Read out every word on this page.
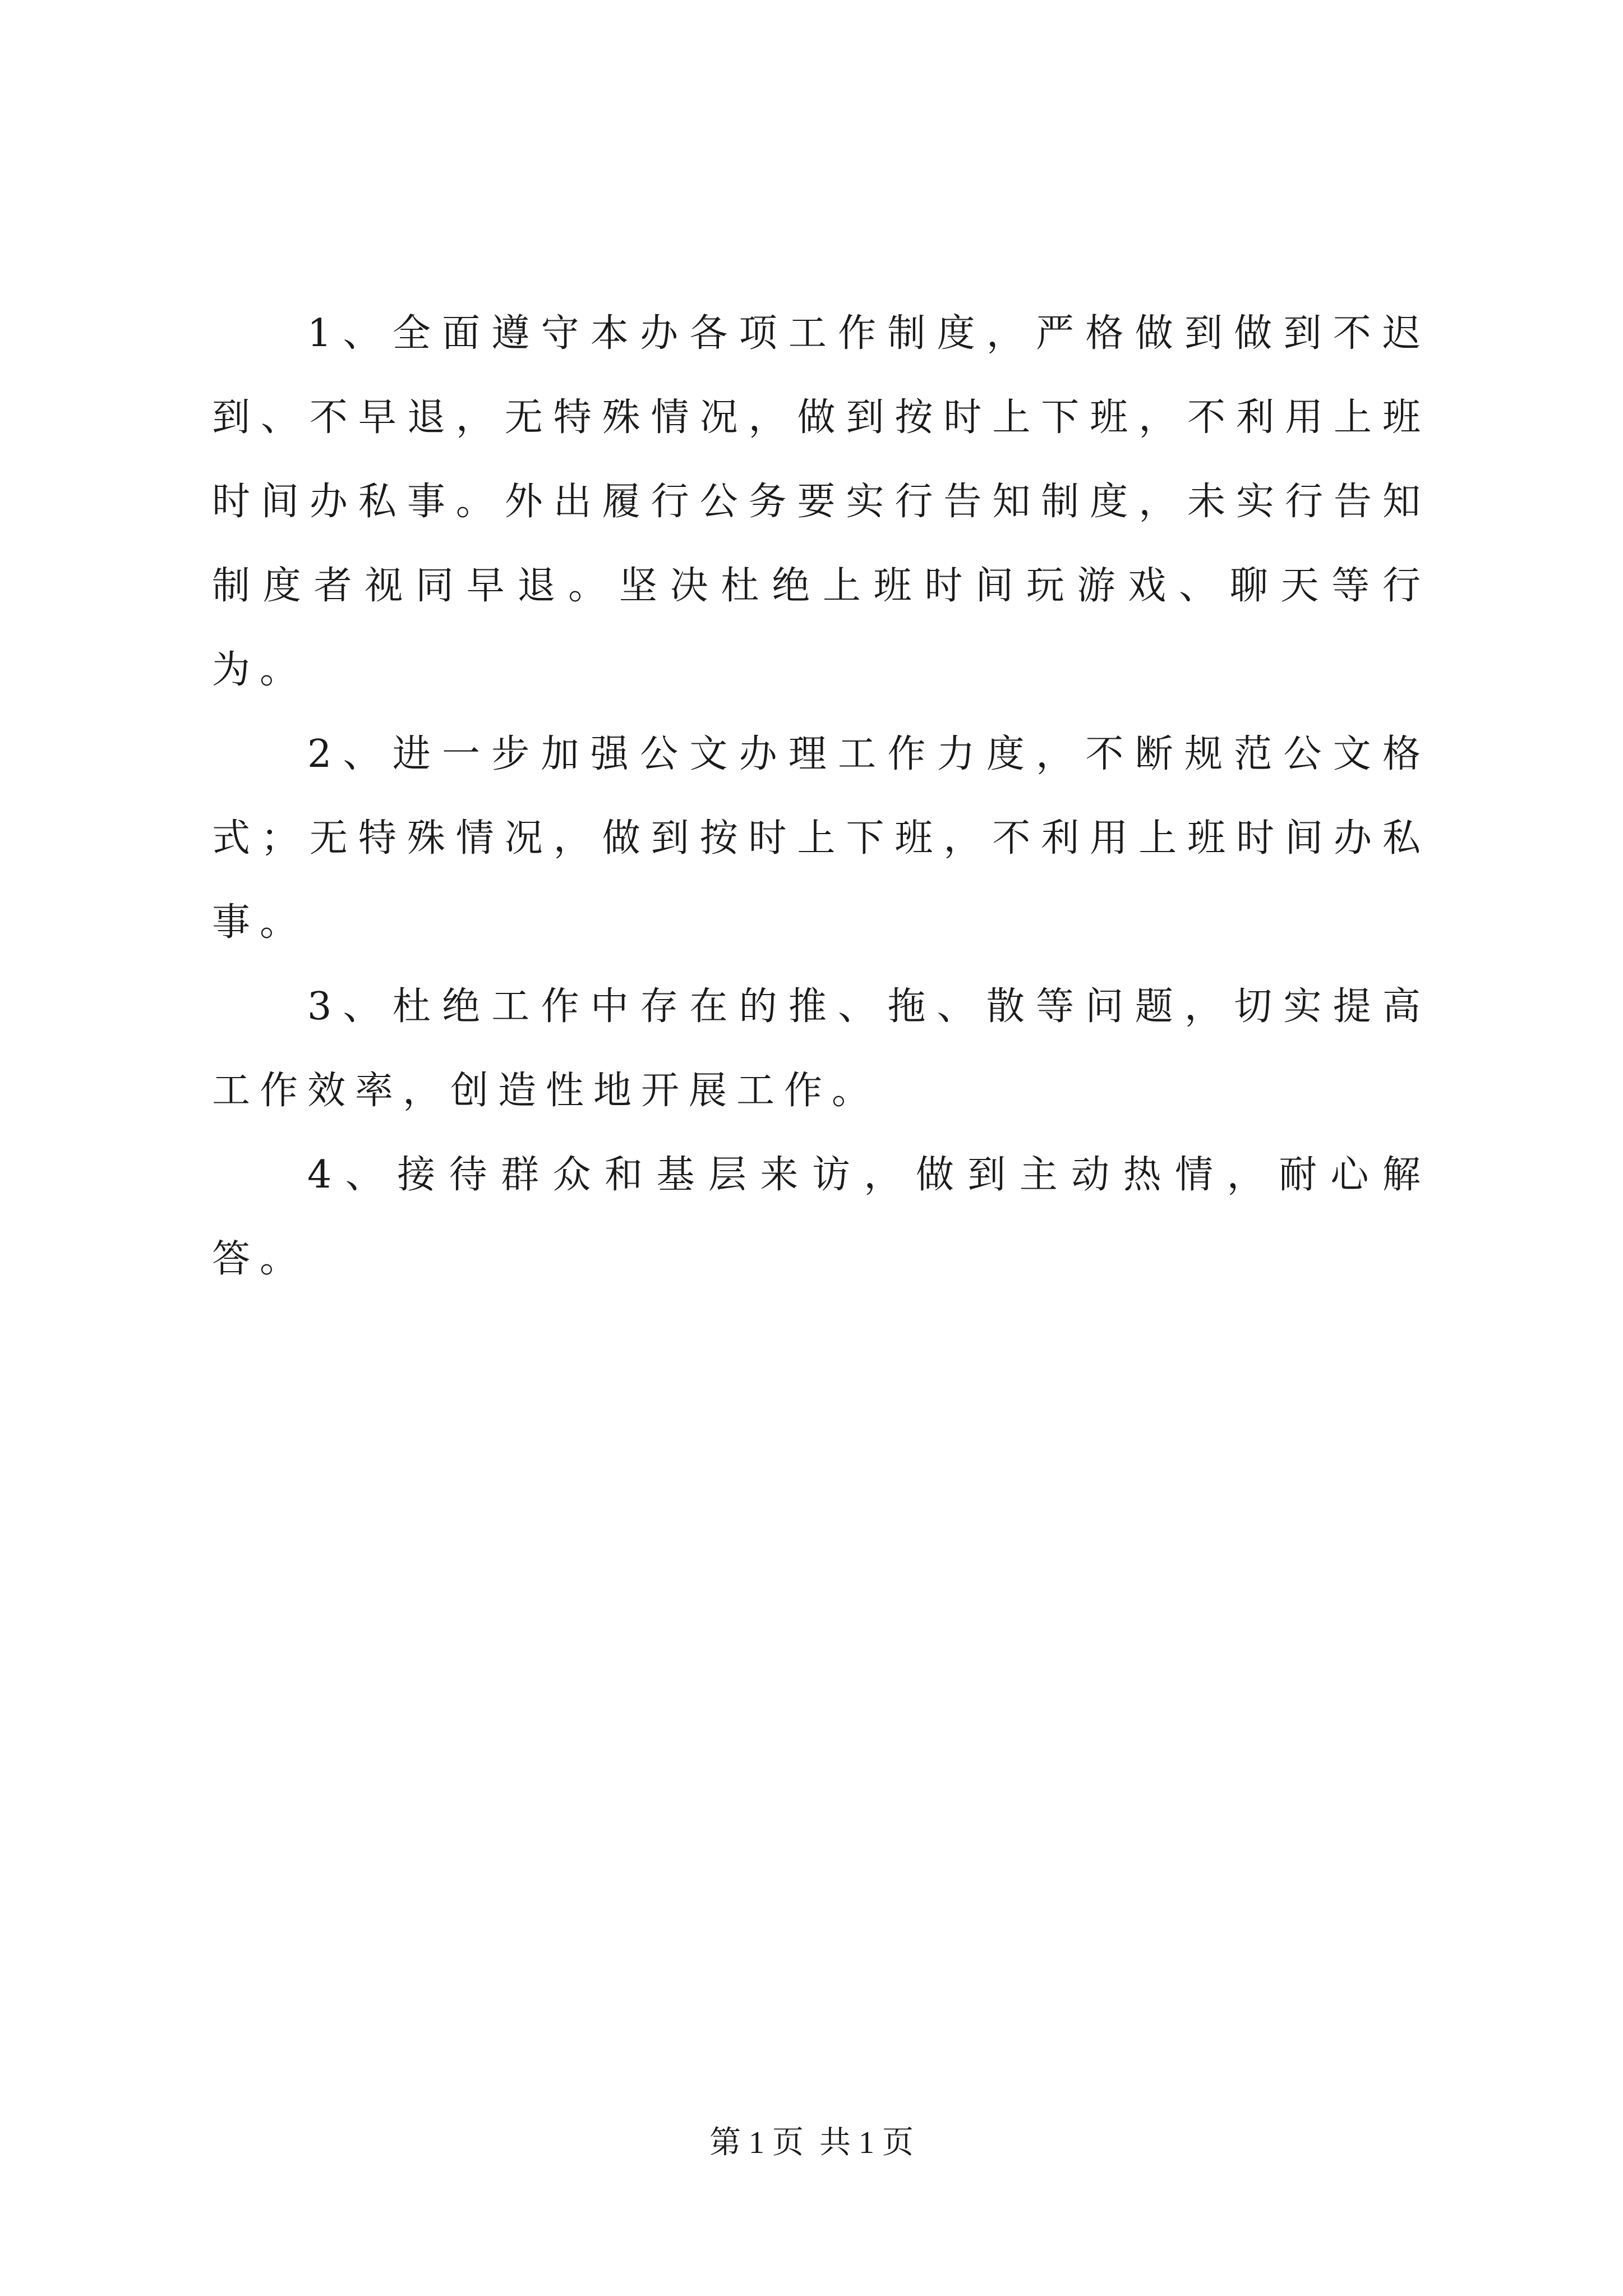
1、全面遵守本办各项工作制度，严格做到做到不迟到、不早退，无特殊情况，做到按时上下班，不利用上班时间办私事。外出履行公务要实行告知制度，未实行告知制度者视同早退。坚决杜绝上班时间玩游戏、聊天等行为。

2、进一步加强公文办理工作力度，不断规范公文格式；无特殊情况，做到按时上下班，不利用上班时间办私事。

3、杜绝工作中存在的推、拖、散等问题，切实提高工作效率，创造性地开展工作。

4、接待群众和基层来访，做到主动热情，耐心解答。

第 1 页  共 1 页
